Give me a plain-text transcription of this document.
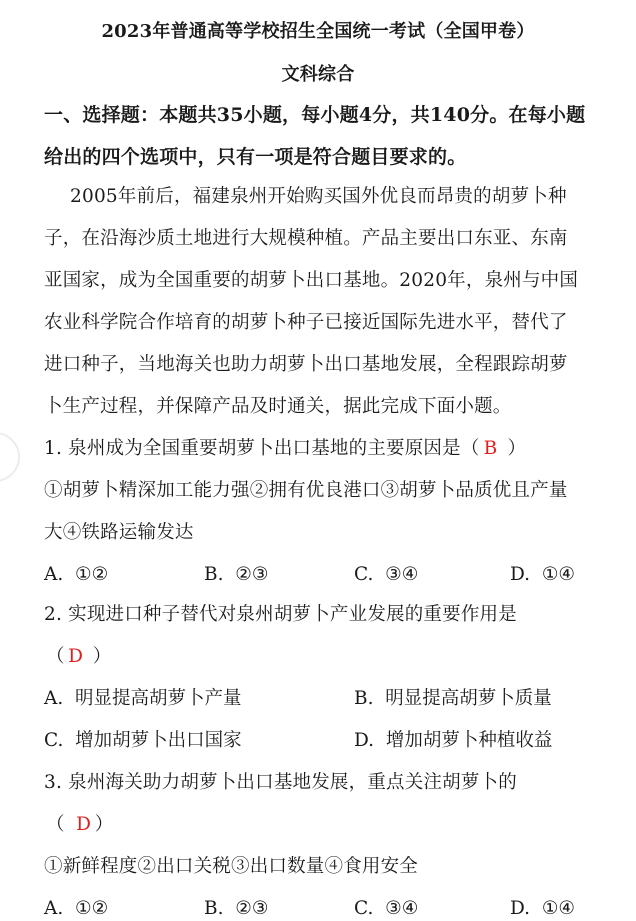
2023年普通高等学校招生全国统一考试（全国甲卷）
文科综合
一、选择题：本题共35小题，每小题4分，共140分。在每小题
给出的四个选项中，只有一项是符合题目要求的。
2005年前后，福建泉州开始购买国外优良而昂贵的胡萝卜种
子，在沿海沙质土地进行大规模种植。产品主要出口东亚、东南
亚国家，成为全国重要的胡萝卜出口基地。2020年，泉州与中国
农业科学院合作培育的胡萝卜种子已接近国际先进水平，替代了
进口种子，当地海关也助力胡萝卜出口基地发展，全程跟踪胡萝
卜生产过程，并保障产品及时通关，据此完成下面小题。
1. 泉州成为全国重要胡萝卜出口基地的主要原因是（ B ）
①胡萝卜精深加工能力强②拥有优良港口③胡萝卜品质优且产量
大④铁路运输发达
A. ①②	B. ②③	C. ③④	D. ①④
2. 实现进口种子替代对泉州胡萝卜产业发展的重要作用是
（ D ）
A. 明显提高胡萝卜产量	B. 明显提高胡萝卜质量
C. 增加胡萝卜出口国家	D. 增加胡萝卜种植收益
3. 泉州海关助力胡萝卜出口基地发展，重点关注胡萝卜的
（ D ）
①新鲜程度②出口关税③出口数量④食用安全
A. ①②	B. ②③	C. ③④	D. ①④
